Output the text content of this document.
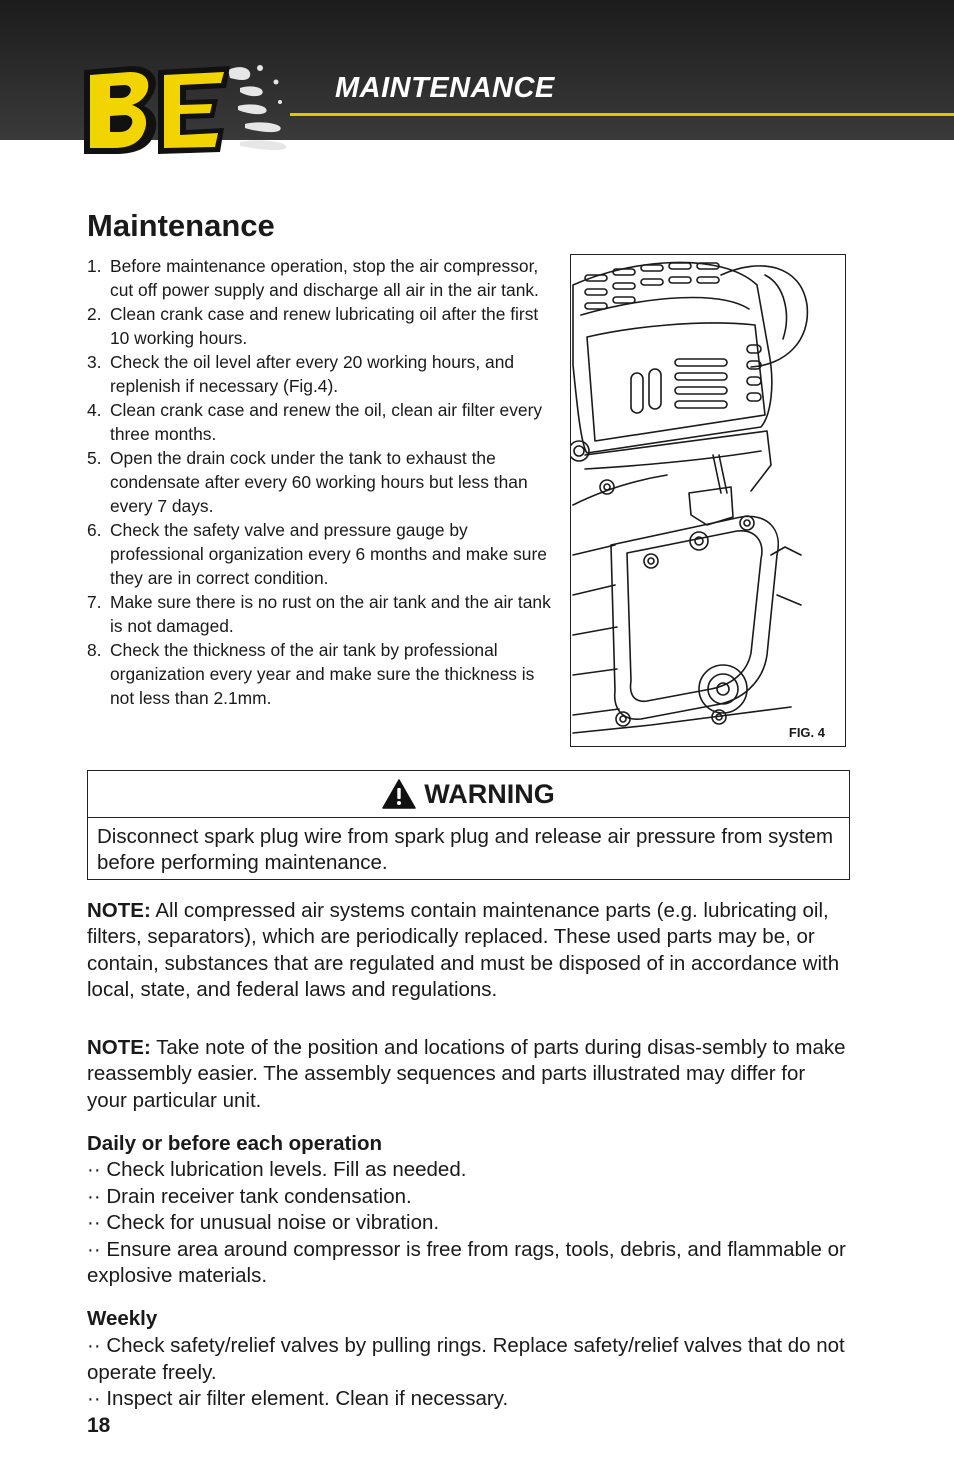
MAINTENANCE
Maintenance
1. Before maintenance operation, stop the air compressor, cut off power supply and discharge all air in the air tank.
2. Clean crank case and renew lubricating oil after the first 10 working hours.
3. Check the oil level after every 20 working hours, and replenish if necessary (Fig.4).
4. Clean crank case and renew the oil, clean air filter every three months.
5. Open the drain cock under the tank to exhaust the condensate after every 60 working hours but less than every 7 days.
6. Check the safety valve and pressure gauge by professional organization every 6 months and make sure they are in correct condition.
7. Make sure there is no rust on the air tank and the air tank is not damaged.
8. Check the thickness of the air tank by professional organization every year and make sure the thickness is not less than 2.1mm.
FIG. 4
WARNING
Disconnect spark plug wire from spark plug and release air pressure from system before performing maintenance.

NOTE: All compressed air systems contain maintenance parts (e.g. lubricating oil, filters, separators), which are periodically replaced. These used parts may be, or contain, substances that are regulated and must be disposed of in accordance with local, state, and federal laws and regulations.

NOTE: Take note of the position and locations of parts during disas-sembly to make reassembly easier. The assembly sequences and parts illustrated may differ for your particular unit.

Daily or before each operation
·· Check lubrication levels. Fill as needed.
·· Drain receiver tank condensation.
·· Check for unusual noise or vibration.
·· Ensure area around compressor is free from rags, tools, debris, and flammable or explosive materials.
Weekly
·· Check safety/relief valves by pulling rings. Replace safety/relief valves that do not operate freely.
·· Inspect air filter element. Clean if necessary.

18
